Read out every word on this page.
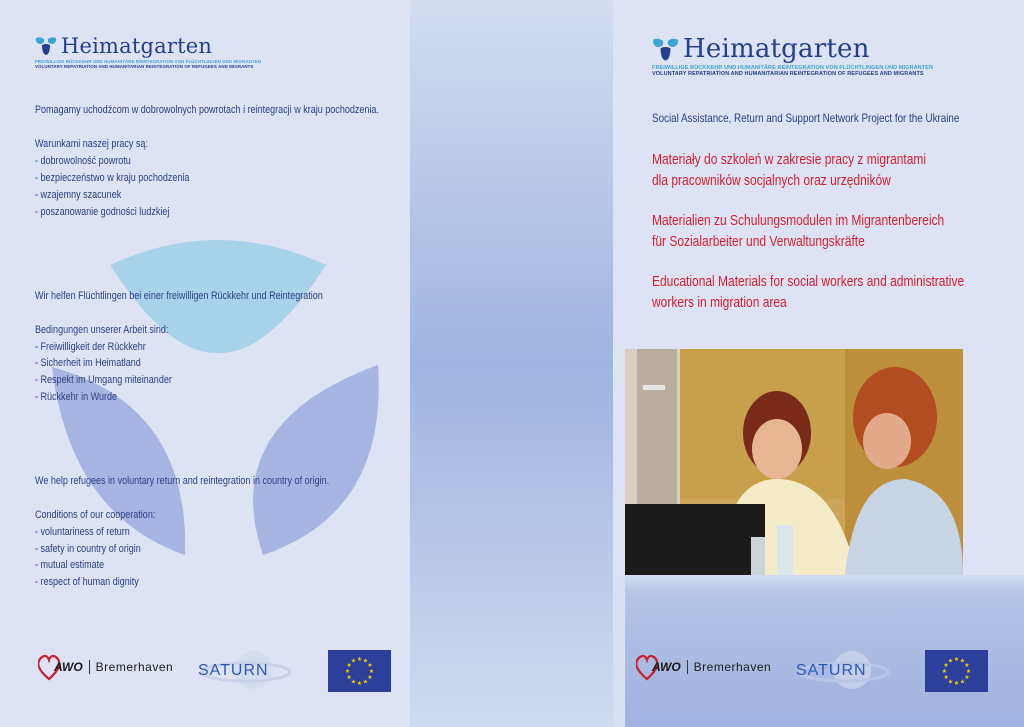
Heimatgarten
FREIWILLIGE RÜCKKEHR UND HUMANITÄRE REINTEGRATION VON FLÜCHTLINGEN UND MIGRANTEN
VOLUNTARY REPATRIATION AND HUMANITARIAN REINTEGRATION OF REFUGEES AND MIGRANTS
Pomagamy uchodźcom w dobrowolnych powrotach i reintegracji w kraju pochodzenia.
Warunkami naszej pracy są:
- dobrowolność powrotu
- bezpieczeństwo w kraju pochodzenia
- wzajemny szacunek
- poszanowanie godności ludzkiej
Wir helfen Flüchtlingen bei einer freiwilligen Rückkehr und Reintegration
Bedingungen unserer Arbeit sind:
- Freiwilligkeit der Rückkehr
- Sicherheit im Heimatland
- Respekt im Umgang miteinander
- Rückkehr in Wurde
We help refugees in voluntary return and reintegration in country of origin.
Conditions of our cooperation:
- voluntariness of return
- safety in country of origin
- mutual estimate
- respect of human dignity
AWO	Bremerhaven SATURN
★ ★
★
★
★
★
★
★
★
★
★
★
Heimatgarten
FREIWILLIGE RÜCKKEHR UND HUMANITÄRE REINTEGRATION VON FLÜCHTLINGEN UND MIGRANTEN
VOLUNTARY REPATRIATION AND HUMANITARIAN REINTEGRATION OF REFUGEES AND MIGRANTS
Social Assistance, Return and Support Network Project for the Ukraine
Materiały do szkoleń w zakresie pracy z migrantami
dla pracowników socjalnych oraz urzędników
Materialien zu Schulungsmodulen im Migrantenbereich
für Sozialarbeiter und Verwaltungskräfte
Educational Materials for social workers and administrative
workers in migration area
AWO	Bremerhaven SATURN
★ ★
★
★
★
★
★
★
★
★
★
★
